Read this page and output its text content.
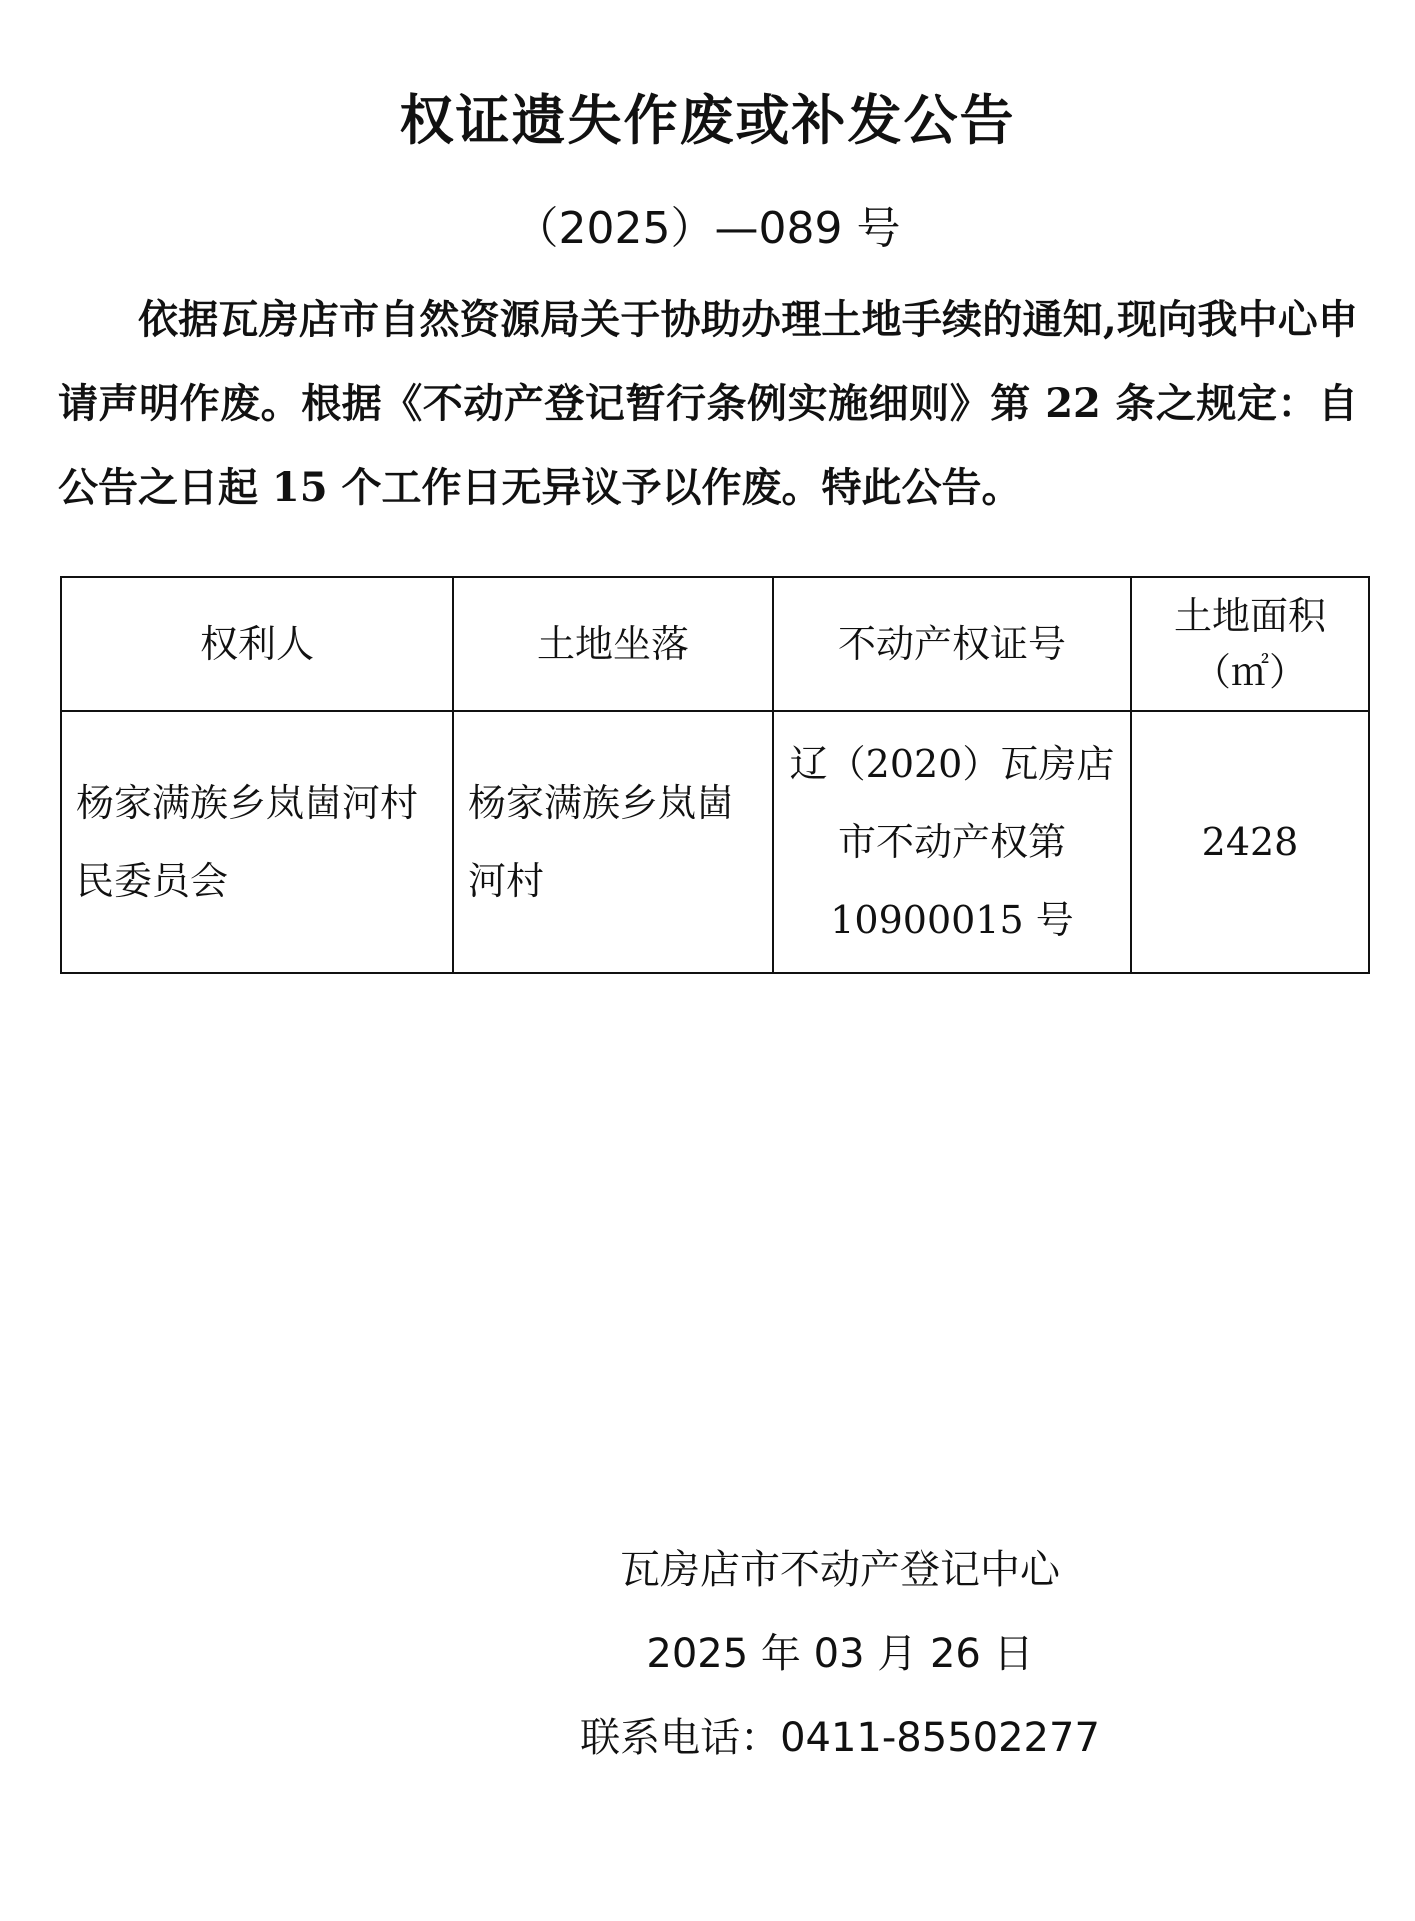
权证遗失作废或补发公告
（2025）—089 号

依据瓦房店市自然资源局关于协助办理土地手续的通知,现向我中心申请声明作废。根据《不动产登记暂行条例实施细则》第 22 条之规定：自公告之日起 15 个工作日无异议予以作废。特此公告。

权利人	土地坐落	不动产权证号	土地面积（㎡）
杨家满族乡岚崮河村民委员会	杨家满族乡岚崮河村	辽（2020）瓦房店市不动产权第 10900015 号	2428
瓦房店市不动产登记中心
2025 年 03 月 26 日
联系电话：0411-85502277
